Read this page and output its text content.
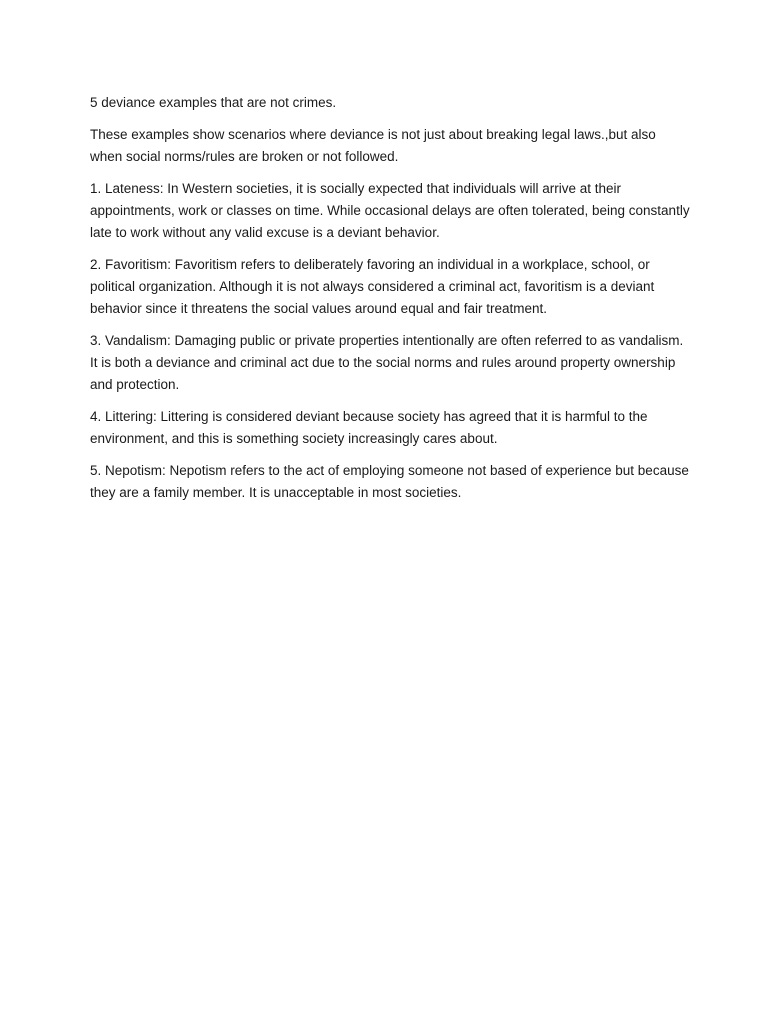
5 deviance examples that are not crimes.

These examples show scenarios where deviance is not just about breaking legal laws.,but also when social norms/rules are broken or not followed.

1. Lateness: In Western societies, it is socially expected that individuals will arrive at their appointments, work or classes on time. While occasional delays are often tolerated, being constantly late to work without any valid excuse is a deviant behavior.

2. Favoritism: Favoritism refers to deliberately favoring an individual in a workplace, school, or political organization. Although it is not always considered a criminal act, favoritism is a deviant behavior since it threatens the social values around equal and fair treatment.

3. Vandalism: Damaging public or private properties intentionally are often referred to as vandalism. It is both a deviance and criminal act due to the social norms and rules around property ownership and protection.

4. Littering: Littering is considered deviant because society has agreed that it is harmful to the environment, and this is something society increasingly cares about.

5. Nepotism: Nepotism refers to the act of employing someone not based of experience but because they are a family member. It is unacceptable in most societies.
